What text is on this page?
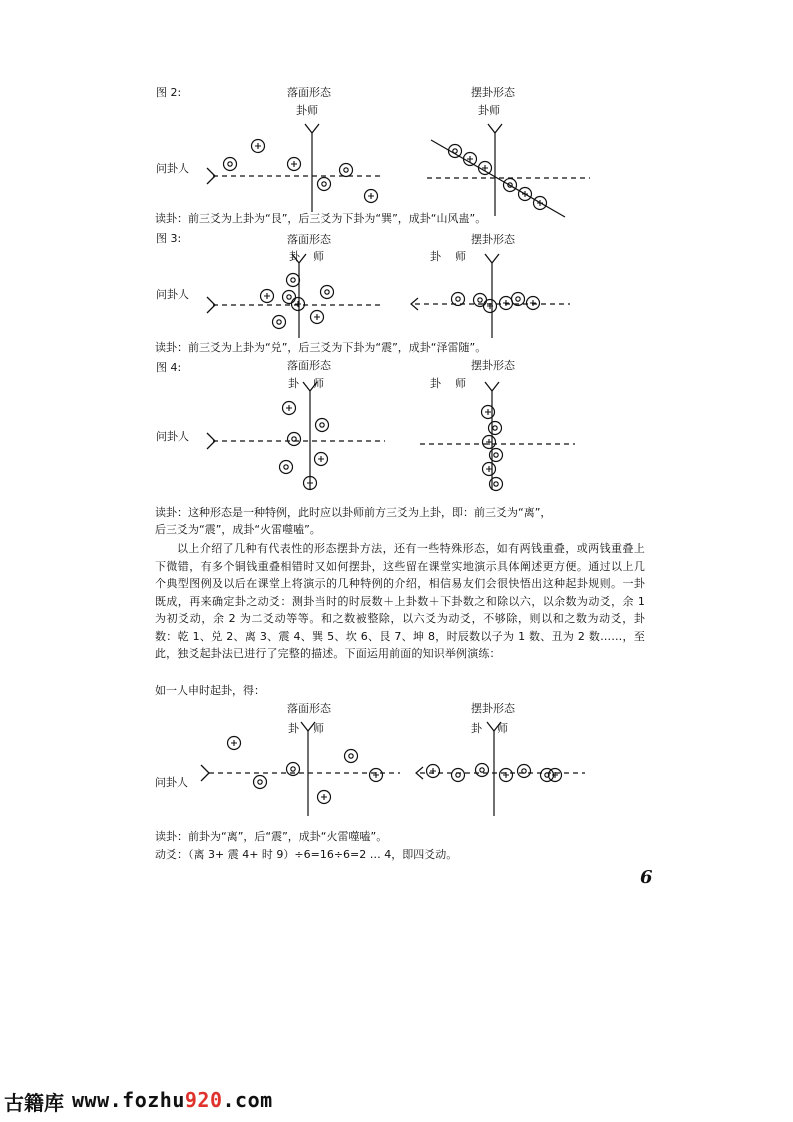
图 2:	落面形态	摆卦形态
卦师	卦师
问卦人
读卦：前三爻为上卦为“艮”，后三爻为下卦为“巽”，成卦“山风蛊”。
图 3:	落面形态	摆卦形态
卦 师	卦 师
问卦人
读卦：前三爻为上卦为“兑”，后三爻为下卦为“震”，成卦“泽雷随”。
图 4:	落面形态	摆卦形态
卦 师	卦 师
问卦人
读卦：这种形态是一种特例，此时应以卦师前方三爻为上卦，即：前三爻为“离”，
后三爻为“震”，成卦“火雷噬嗑”。
以上介绍了几种有代表性的形态摆卦方法，还有一些特殊形态，如有两钱重叠，或两钱重叠上下微错，有多个铜钱重叠相错时又如何摆卦，这些留在课堂实地演示具体阐述更方便。通过以上几个典型图例及以后在课堂上将演示的几种特例的介绍，相信易友们会很快悟出这种起卦规则。一卦既成，再来确定卦之动爻：测卦当时的时辰数＋上卦数＋下卦数之和除以六，以余数为动爻，余 1 为初爻动，余 2 为二爻动等等。和之数被整除，以六爻为动爻，不够除，则以和之数为动爻，卦数：乾 1、兑 2、离 3、震 4、巽 5、坎 6、艮 7、坤 8，时辰数以子为 1 数、丑为 2 数……，至此，独爻起卦法已进行了完整的描述。下面运用前面的知识举例演练：
如一人申时起卦，得：
落面形态	摆卦形态
卦 师	卦 师
问卦人
读卦：前卦为“离”，后“震”，成卦“火雷噬嗑”。
动爻：（离 3+ 震 4+ 时 9）÷6=16÷6=2 … 4，即四爻动。
6
古籍库 www.fozhu920.com
